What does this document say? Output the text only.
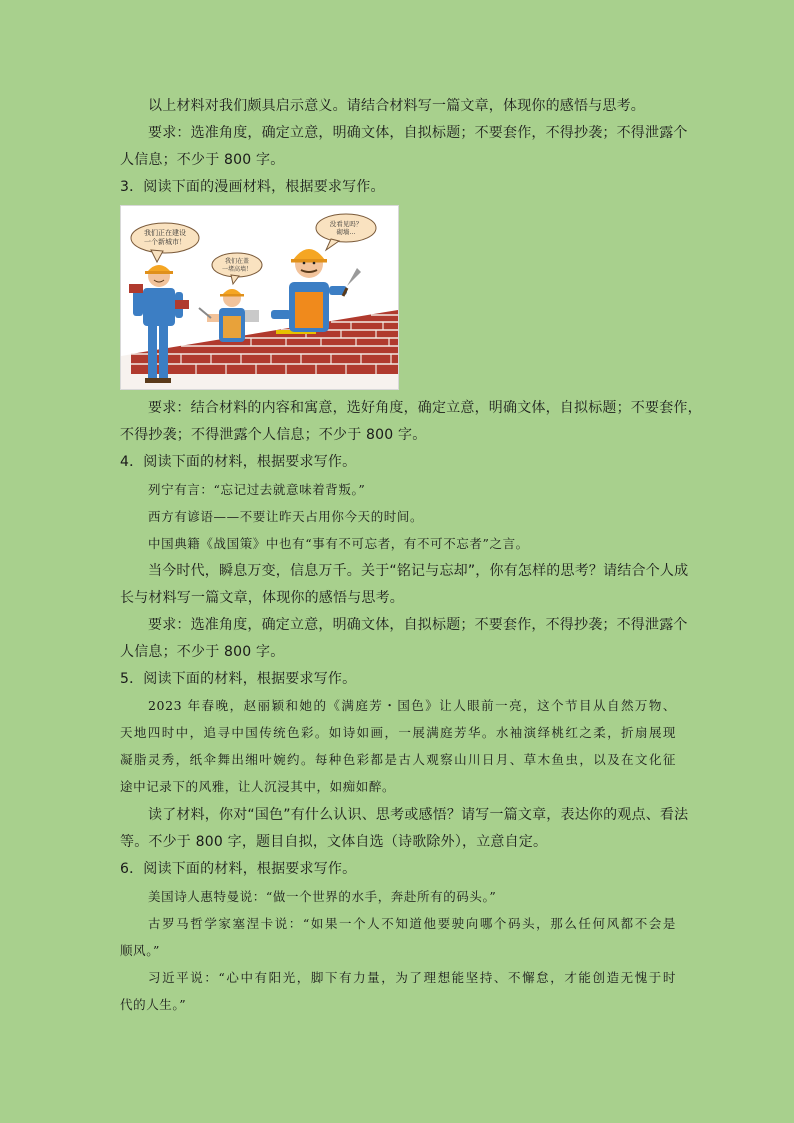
以上材料对我们颇具启示意义。请结合材料写一篇文章，体现你的感悟与思考。
要求：选准角度，确定立意，明确文体，自拟标题；不要套作，不得抄袭；不得泄露个
人信息；不少于 800 字。
3．阅读下面的漫画材料，根据要求写作。
我们正在建设
一个新城市！
我们在盖
一堵高墙！
没看见吗？
砌墙...
要求：结合材料的内容和寓意，选好角度，确定立意，明确文体，自拟标题；不要套作，
不得抄袭；不得泄露个人信息；不少于 800 字。
4．阅读下面的材料，根据要求写作。
列宁有言：“忘记过去就意味着背叛。”
西方有谚语——不要让昨天占用你今天的时间。
中国典籍《战国策》中也有“事有不可忘者，有不可不忘者”之言。
当今时代，瞬息万变，信息万千。关于“铭记与忘却”，你有怎样的思考？请结合个人成
长与材料写一篇文章，体现你的感悟与思考。
要求：选准角度，确定立意，明确文体，自拟标题；不要套作，不得抄袭；不得泄露个
人信息；不少于 800 字。
5．阅读下面的材料，根据要求写作。
2023 年春晚，赵丽颖和她的《满庭芳・国色》让人眼前一亮，这个节目从自然万物、
天地四时中，追寻中国传统色彩。如诗如画，一展满庭芳华。水袖演绎桃红之柔，折扇展现
凝脂灵秀，纸伞舞出缃叶婉约。每种色彩都是古人观察山川日月、草木鱼虫，以及在文化征
途中记录下的风雅，让人沉浸其中，如痴如醉。
读了材料，你对“国色”有什么认识、思考或感悟？请写一篇文章，表达你的观点、看法
等。不少于 800 字，题目自拟，文体自选（诗歌除外），立意自定。
6．阅读下面的材料，根据要求写作。
美国诗人惠特曼说：“做一个世界的水手，奔赴所有的码头。”
古罗马哲学家塞涅卡说：“如果一个人不知道他要驶向哪个码头，那么任何风都不会是
顺风。”
习近平说：“心中有阳光，脚下有力量，为了理想能坚持、不懈怠，才能创造无愧于时
代的人生。”
